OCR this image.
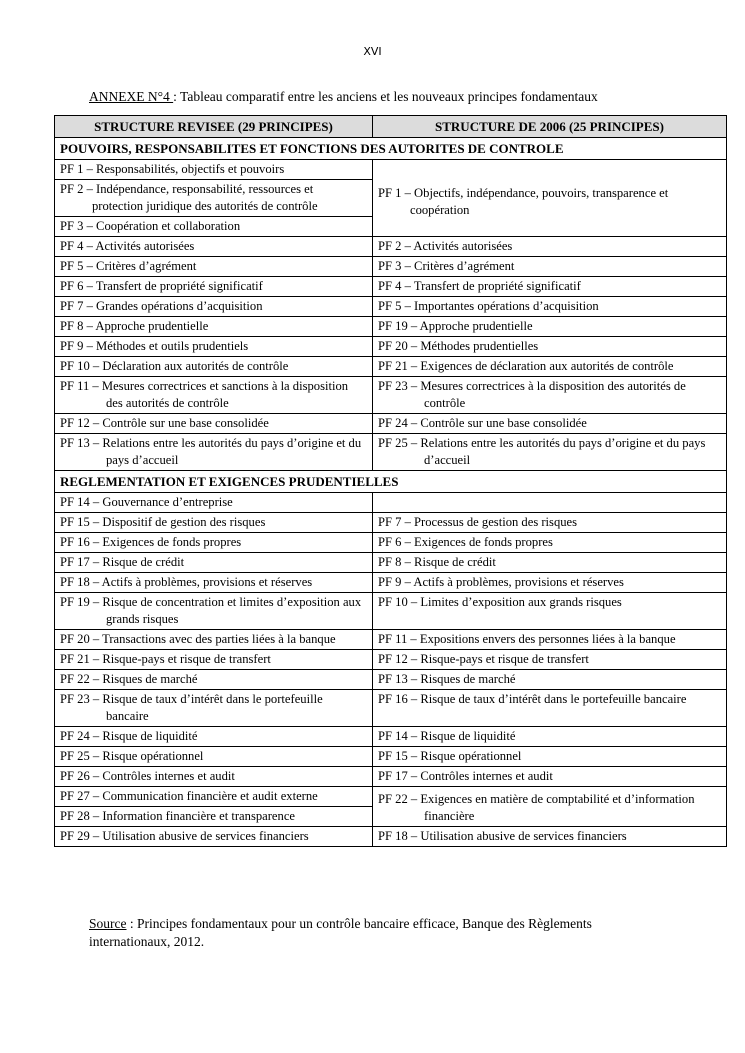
XVI
ANNEXE N°4 : Tableau comparatif entre les anciens et les nouveaux principes fondamentaux
STRUCTURE REVISEE (29 PRINCIPES)	STRUCTURE DE 2006 (25 PRINCIPES)
POUVOIRS, RESPONSABILITES ET FONCTIONS DES AUTORITES DE CONTROLE	
PF 1 – Responsabilités, objectifs et pouvoirs	PF 1 – Objectifs, indépendance, pouvoirs, transparence et coopération
PF 2 – Indépendance, responsabilité, ressources et protection juridique des autorités de contrôle	
PF 3 – Coopération et collaboration	
PF 4 – Activités autorisées	PF 2 – Activités autorisées
PF 5 – Critères d’agrément	PF 3 – Critères d’agrément
PF 6 – Transfert de propriété significatif	PF 4 – Transfert de propriété significatif
PF 7 – Grandes opérations d’acquisition	PF 5 – Importantes opérations d’acquisition
PF 8 – Approche prudentielle	PF 19 – Approche prudentielle
PF 9 – Méthodes et outils prudentiels	PF 20 – Méthodes prudentielles
PF 10 – Déclaration aux autorités de contrôle	PF 21 – Exigences de déclaration aux autorités de contrôle
PF 11 – Mesures correctrices et sanctions à la disposition des autorités de contrôle	PF 23 – Mesures correctrices à la disposition des autorités de contrôle
PF 12 – Contrôle sur une base consolidée	PF 24 – Contrôle sur une base consolidée
PF 13 – Relations entre les autorités du pays d’origine et du pays d’accueil	PF 25 – Relations entre les autorités du pays d’origine et du pays d’accueil
REGLEMENTATION ET EXIGENCES PRUDENTIELLES	
PF 14 – Gouvernance d’entreprise	
PF 15 – Dispositif de gestion des risques	PF 7 – Processus de gestion des risques
PF 16 – Exigences de fonds propres	PF 6 – Exigences de fonds propres
PF 17 – Risque de crédit	PF 8 – Risque de crédit
PF 18 – Actifs à problèmes, provisions et réserves	PF 9 – Actifs à problèmes, provisions et réserves
PF 19 – Risque de concentration et limites d’exposition aux grands risques	PF 10 – Limites d’exposition aux grands risques
PF 20 – Transactions avec des parties liées à la banque	PF 11 – Expositions envers des personnes liées à la banque
PF 21 – Risque-pays et risque de transfert	PF 12 – Risque-pays et risque de transfert
PF 22 – Risques de marché	PF 13 – Risques de marché
PF 23 – Risque de taux d’intérêt dans le portefeuille bancaire	PF 16 – Risque de taux d’intérêt dans le portefeuille bancaire
PF 24 – Risque de liquidité	PF 14 – Risque de liquidité
PF 25 – Risque opérationnel	PF 15 – Risque opérationnel
PF 26 – Contrôles internes et audit	PF 17 – Contrôles internes et audit
PF 27 – Communication financière et audit externe	PF 22 – Exigences en matière de comptabilité et d’information financière
PF 28 – Information financière et transparence	
PF 29 – Utilisation abusive de services financiers	PF 18 – Utilisation abusive de services financiers
Source : Principes fondamentaux pour un contrôle bancaire efficace, Banque des Règlements internationaux, 2012.
